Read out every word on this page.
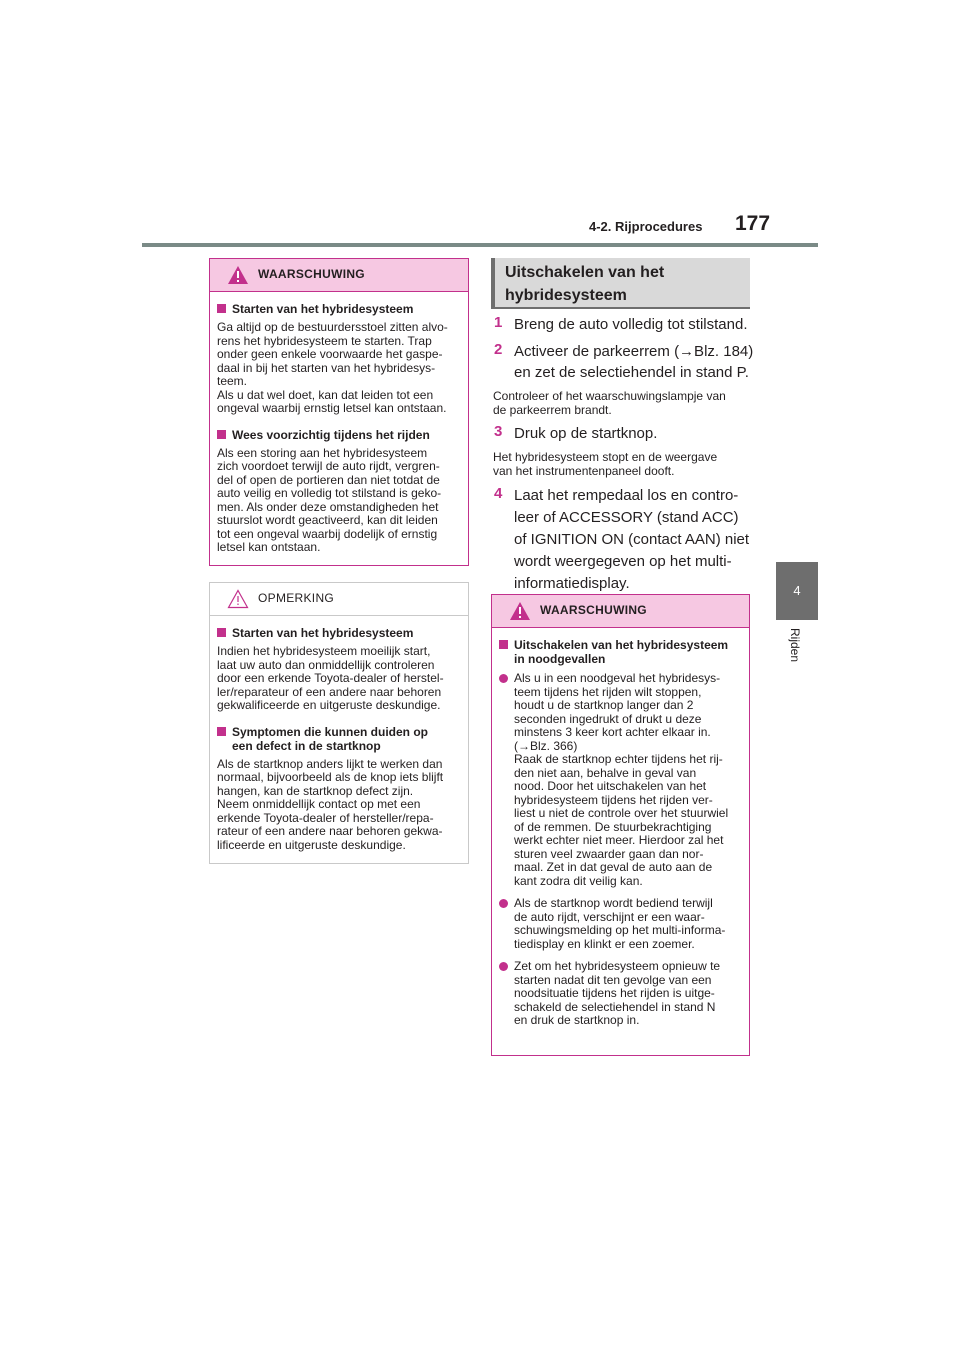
4-2. Rijprocedures 177
4
Rijden
WAARSCHUWING
Starten van het hybridesysteem
Ga altijd op de bestuurdersstoel zitten alvo-
rens het hybridesysteem te starten. Trap
onder geen enkele voorwaarde het gaspe-
daal in bij het starten van het hybridesys-
teem.
Als u dat wel doet, kan dat leiden tot een
ongeval waarbij ernstig letsel kan ontstaan.
Wees voorzichtig tijdens het rijden
Als een storing aan het hybridesysteem
zich voordoet terwijl de auto rijdt, vergren-
del of open de portieren dan niet totdat de
auto veilig en volledig tot stilstand is geko-
men. Als onder deze omstandigheden het
stuurslot wordt geactiveerd, kan dit leiden
tot een ongeval waarbij dodelijk of ernstig
letsel kan ontstaan.
OPMERKING
Starten van het hybridesysteem
Indien het hybridesysteem moeilijk start,
laat uw auto dan onmiddellijk controleren
door een erkende Toyota-dealer of herstel-
ler/reparateur of een andere naar behoren
gekwalificeerde en uitgeruste deskundige.
Symptomen die kunnen duiden op
een defect in de startknop
Als de startknop anders lijkt te werken dan
normaal, bijvoorbeeld als de knop iets blijft
hangen, kan de startknop defect zijn.
Neem onmiddellijk contact op met een
erkende Toyota-dealer of hersteller/repa-
rateur of een andere naar behoren gekwa-
lificeerde en uitgeruste deskundige.
Uitschakelen van het
hybridesysteem
1 Breng de auto volledig tot stilstand.
2 Activeer de parkeerrem (→Blz. 184)
en zet de selectiehendel in stand P.
Controleer of het waarschuwingslampje van
de parkeerrem brandt.
3 Druk op de startknop.
Het hybridesysteem stopt en de weergave
van het instrumentenpaneel dooft.
4 Laat het rempedaal los en contro-
leer of ACCESSORY (stand ACC)
of IGNITION ON (contact AAN) niet
wordt weergegeven op het multi-
informatiedisplay.
WAARSCHUWING
Uitschakelen van het hybridesysteem
in noodgevallen
Als u in een noodgeval het hybridesys-
teem tijdens het rijden wilt stoppen,
houdt u de startknop langer dan 2
seconden ingedrukt of drukt u deze
minstens 3 keer kort achter elkaar in.
(→Blz. 366)
Raak de startknop echter tijdens het rij-
den niet aan, behalve in geval van
nood. Door het uitschakelen van het
hybridesysteem tijdens het rijden ver-
liest u niet de controle over het stuurwiel
of de remmen. De stuurbekrachtiging
werkt echter niet meer. Hierdoor zal het
sturen veel zwaarder gaan dan nor-
maal. Zet in dat geval de auto aan de
kant zodra dit veilig kan.
Als de startknop wordt bediend terwijl
de auto rijdt, verschijnt er een waar-
schuwingsmelding op het multi-informa-
tiedisplay en klinkt er een zoemer.
Zet om het hybridesysteem opnieuw te
starten nadat dit ten gevolge van een
noodsituatie tijdens het rijden is uitge-
schakeld de selectiehendel in stand N
en druk de startknop in.
